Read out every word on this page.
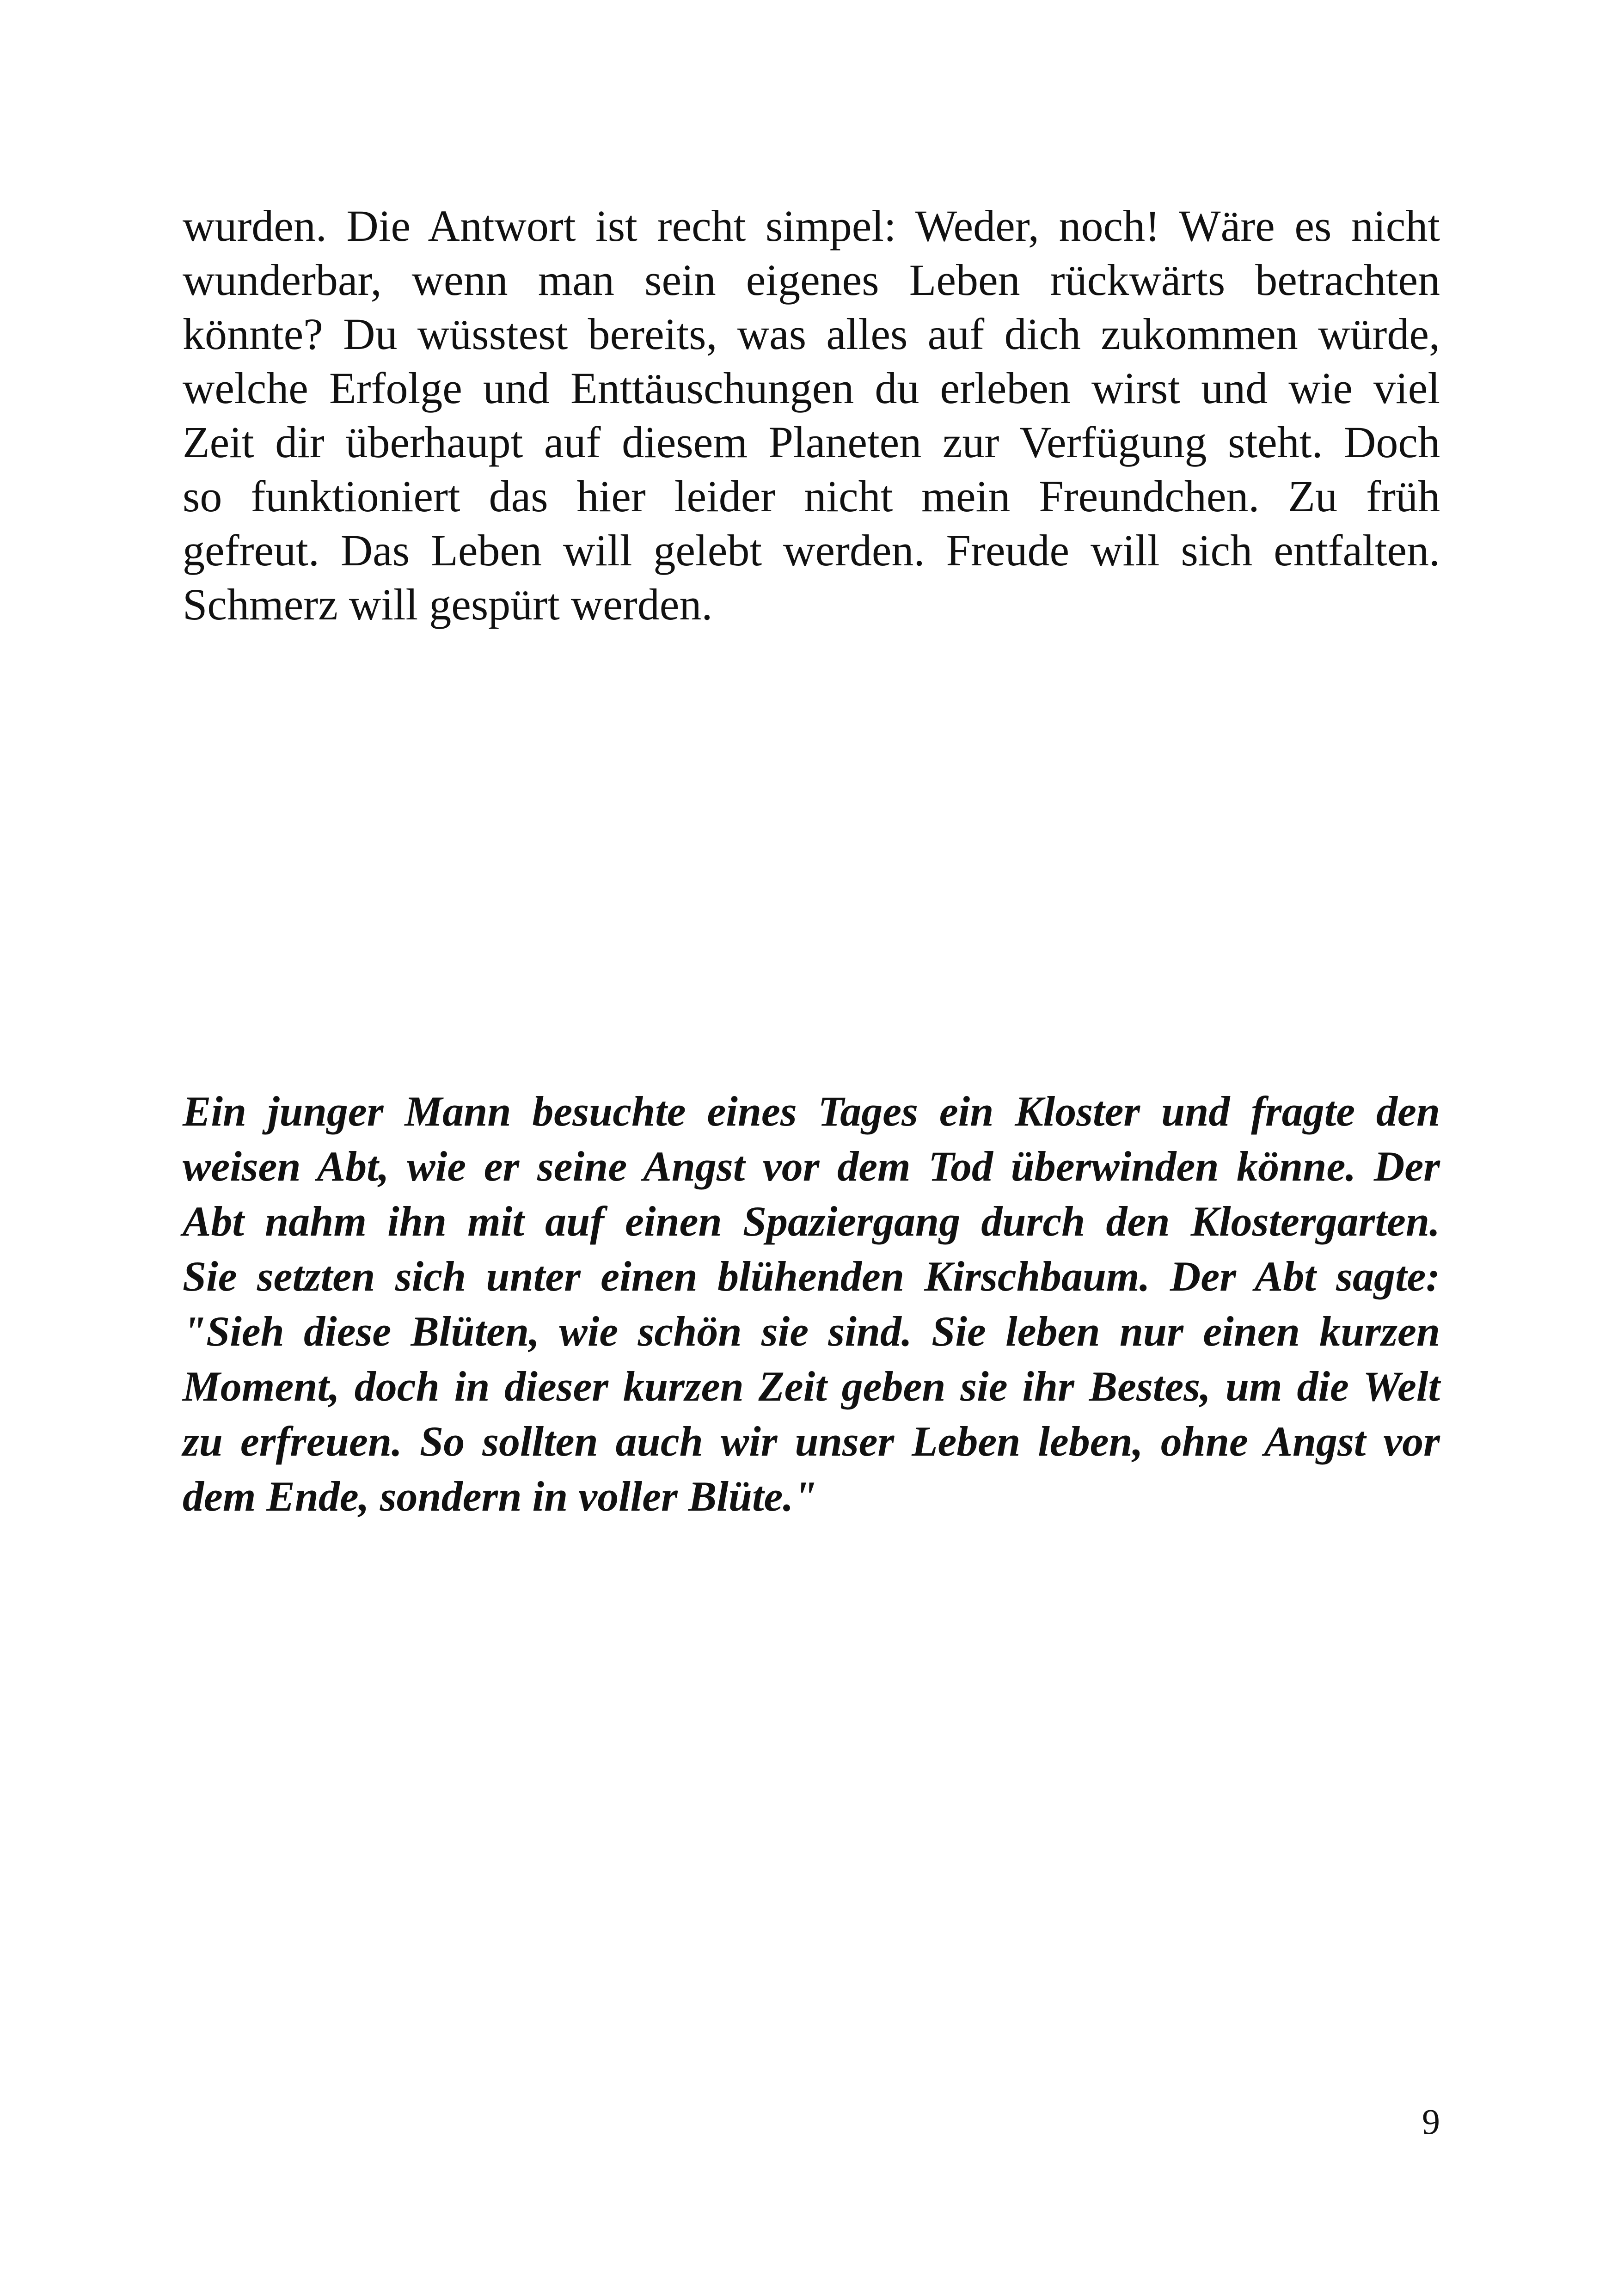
wurden. Die Antwort ist recht simpel: Weder, noch! Wäre es nicht
wunderbar, wenn man sein eigenes Leben rückwärts betrachten
könnte? Du wüsstest bereits, was alles auf dich zukommen würde,
welche Erfolge und Enttäuschungen du erleben wirst und wie viel
Zeit dir überhaupt auf diesem Planeten zur Verfügung steht. Doch
so funktioniert das hier leider nicht mein Freundchen. Zu früh
gefreut. Das Leben will gelebt werden. Freude will sich entfalten.
Schmerz will gespürt werden.
Ein junger Mann besuchte eines Tages ein Kloster und fragte den
weisen Abt, wie er seine Angst vor dem Tod überwinden könne. Der
Abt nahm ihn mit auf einen Spaziergang durch den Klostergarten.
Sie setzten sich unter einen blühenden Kirschbaum. Der Abt sagte:
"Sieh diese Blüten, wie schön sie sind. Sie leben nur einen kurzen
Moment, doch in dieser kurzen Zeit geben sie ihr Bestes, um die Welt
zu erfreuen. So sollten auch wir unser Leben leben, ohne Angst vor
dem Ende, sondern in voller Blüte."
9
